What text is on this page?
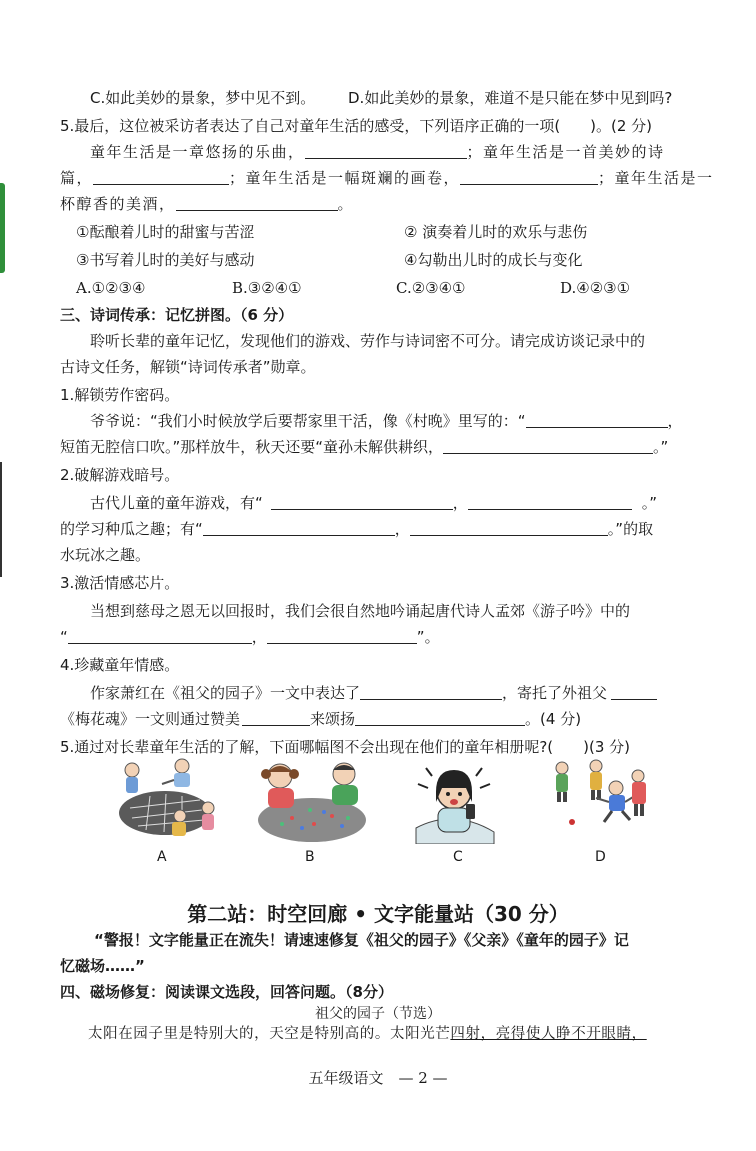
C.如此美妙的景象，梦中见不到。 D.如此美妙的景象，难道不是只能在梦中见到吗?
5.最后，这位被采访者表达了自己对童年生活的感受，下列语序正确的一项(　　)。(2 分)
童年生活是一章悠扬的乐曲，	；童年生活是一首美妙的诗
篇，	；童年生活是一幅斑斓的画卷，	；童年生活是一
杯醇香的美酒，	。
①酝酿着儿时的甜蜜与苦涩	② 演奏着儿时的欢乐与悲伤
③书写着儿时的美好与感动	④勾勒出儿时的成长与变化
A.①②③④	B.③②④①	C.②③④①	D.④②③①
三、诗词传承：记忆拼图。（6 分）
聆听长辈的童年记忆，发现他们的游戏、劳作与诗词密不可分。请完成访谈记录中的
古诗文任务，解锁“诗词传承者”勋章。
1.解锁劳作密码。
爷爷说：“我们小时候放学后要帮家里干活，像《村晚》里写的：“	，
短笛无腔信口吹。”那样放牛，秋天还要“童孙未解供耕织，	。”
2.破解游戏暗号。
古代儿童的童年游戏，有“	，	。”
的学习种瓜之趣；有“	，	。”的取
水玩冰之趣。
3.激活情感芯片。
当想到慈母之恩无以回报时，我们会很自然地吟诵起唐代诗人孟郊《游子吟》中的
“	，	”。
4.珍藏童年情感。
作家萧红在《祖父的园子》一文中表达了	，寄托了外祖父
《梅花魂》一文则通过赞美	来颂扬	。(4 分)
5.通过对长辈童年生活的了解，下面哪幅图不会出现在他们的童年相册呢?(　　)(3 分)
A	B	C	D
第二站：时空回廊 • 文字能量站（30 分）
“警报！文字能量正在流失！请速速修复《祖父的园子》《父亲》《童年的园子》记
忆磁场……”
四、磁场修复：阅读课文选段，回答问题。（8分）
祖父的园子（节选）
太阳在园子里是特别大的，天空是特别高的。太阳光芒四射，亮得使人睁不开眼睛，
五年级语文　— 2 —
